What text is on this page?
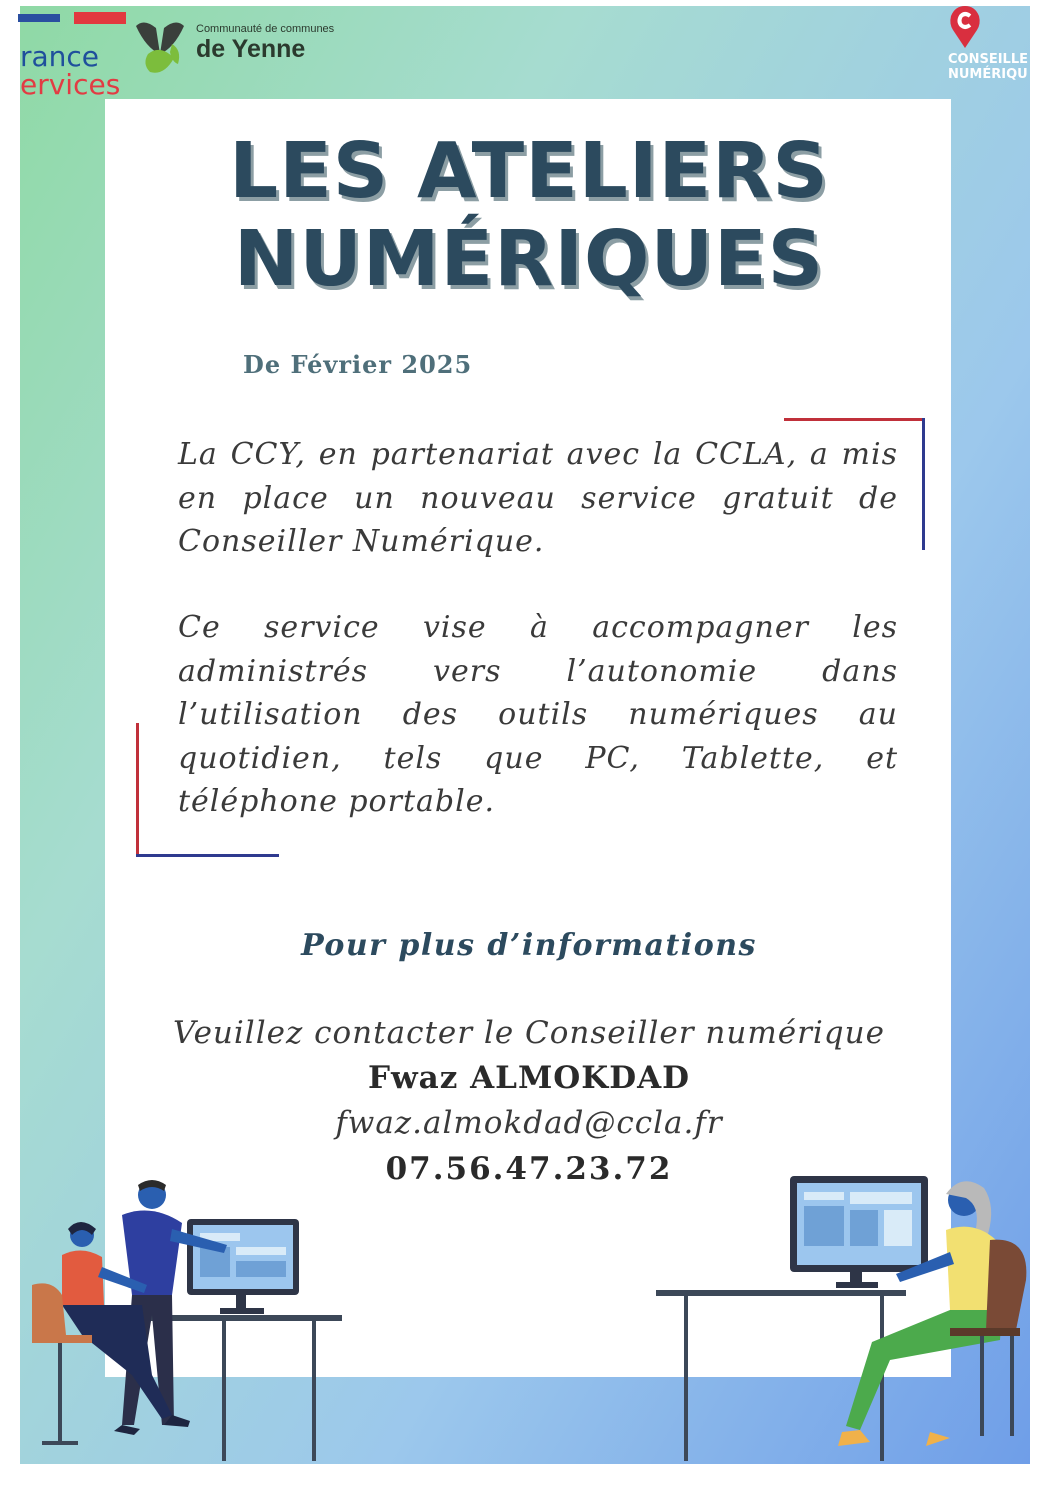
rance
ervices
Communauté de communes
de Yenne	CONSEILLE
NUMÉRIQU
LES ATELIERS
NUMÉRIQUES
De Février 2025
La CCY, en partenariat avec la CCLA, a mis en place un nouveau service gratuit de Conseiller Numérique.
Ce service vise à accompagner les administrés vers l’autonomie dans l’utilisation des outils numériques au quotidien, tels que PC, Tablette, et téléphone portable.
Pour plus d’informations
Veuillez contacter le Conseiller numérique
Fwaz ALMOKDAD
fwaz.almokdad@ccla.fr
07.56.47.23.72
